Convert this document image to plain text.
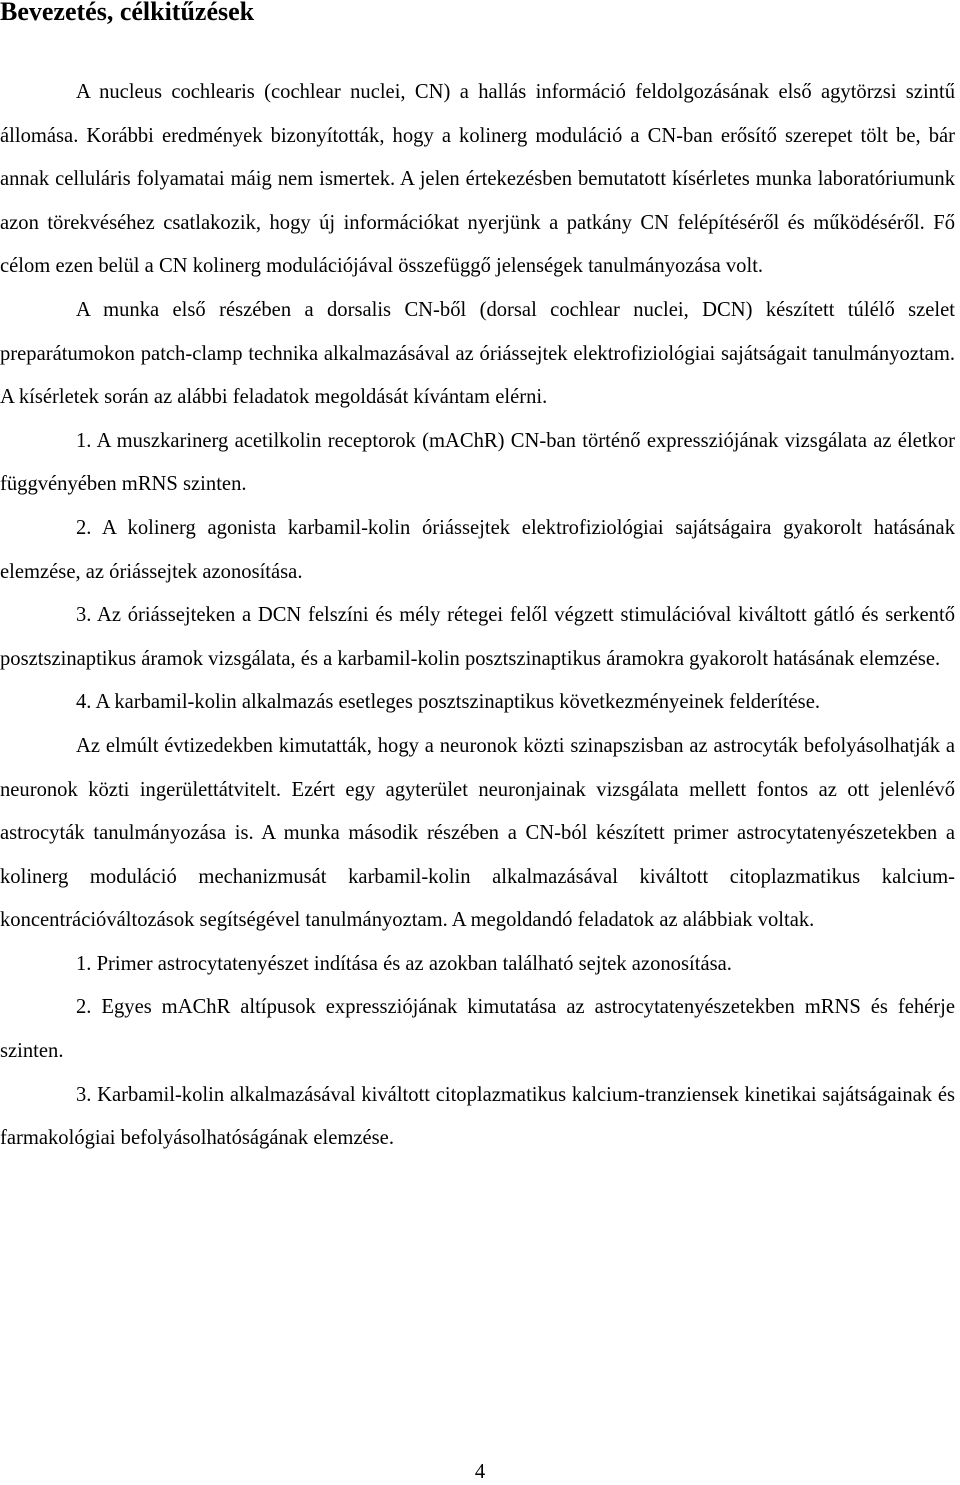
Bevezetés, célkitűzések

A nucleus cochlearis (cochlear nuclei, CN) a hallás információ feldolgozásának első agytörzsi szintű állomása. Korábbi eredmények bizonyították, hogy a kolinerg moduláció a CN-ban erősítő szerepet tölt be, bár annak celluláris folyamatai máig nem ismertek. A jelen értekezésben bemutatott kísérletes munka laboratóriumunk azon törekvéséhez csatlakozik, hogy új információkat nyerjünk a patkány CN felépítéséről és működéséről. Fő célom ezen belül a CN kolinerg modulációjával összefüggő jelenségek tanulmányozása volt.

A munka első részében a dorsalis CN-ből (dorsal cochlear nuclei, DCN) készített túlélő szelet preparátumokon patch-clamp technika alkalmazásával az óriássejtek elektrofiziológiai sajátságait tanulmányoztam. A kísérletek során az alábbi feladatok megoldását kívántam elérni.

1. A muszkarinerg acetilkolin receptorok (mAChR) CN-ban történő expressziójának vizsgálata az életkor függvényében mRNS szinten.

2. A kolinerg agonista karbamil-kolin óriássejtek elektrofiziológiai sajátságaira gyakorolt hatásának elemzése, az óriássejtek azonosítása.

3. Az óriássejteken a DCN felszíni és mély rétegei felől végzett stimulációval kiváltott gátló és serkentő posztszinaptikus áramok vizsgálata, és a karbamil-kolin posztszinaptikus áramokra gyakorolt hatásának elemzése.

4. A karbamil-kolin alkalmazás esetleges posztszinaptikus következményeinek felderítése.

Az elmúlt évtizedekben kimutatták, hogy a neuronok közti szinapszisban az astrocyták befolyásolhatják a neuronok közti ingerülettátvitelt. Ezért egy agyterület neuronjainak vizsgálata mellett fontos az ott jelenlévő astrocyták tanulmányozása is. A munka második részében a CN-ból készített primer astrocytatenyészetekben a kolinerg moduláció mechanizmusát karbamil-kolin alkalmazásával kiváltott citoplazmatikus kalcium-koncentrációváltozások segítségével tanulmányoztam. A megoldandó feladatok az alábbiak voltak.

1. Primer astrocytatenyészet indítása és az azokban található sejtek azonosítása.

2. Egyes mAChR altípusok expressziójának kimutatása az astrocytatenyészetekben mRNS és fehérje szinten.

3. Karbamil-kolin alkalmazásával kiváltott citoplazmatikus kalcium-tranziensek kinetikai sajátságainak és farmakológiai befolyásolhatóságának elemzése.

4
